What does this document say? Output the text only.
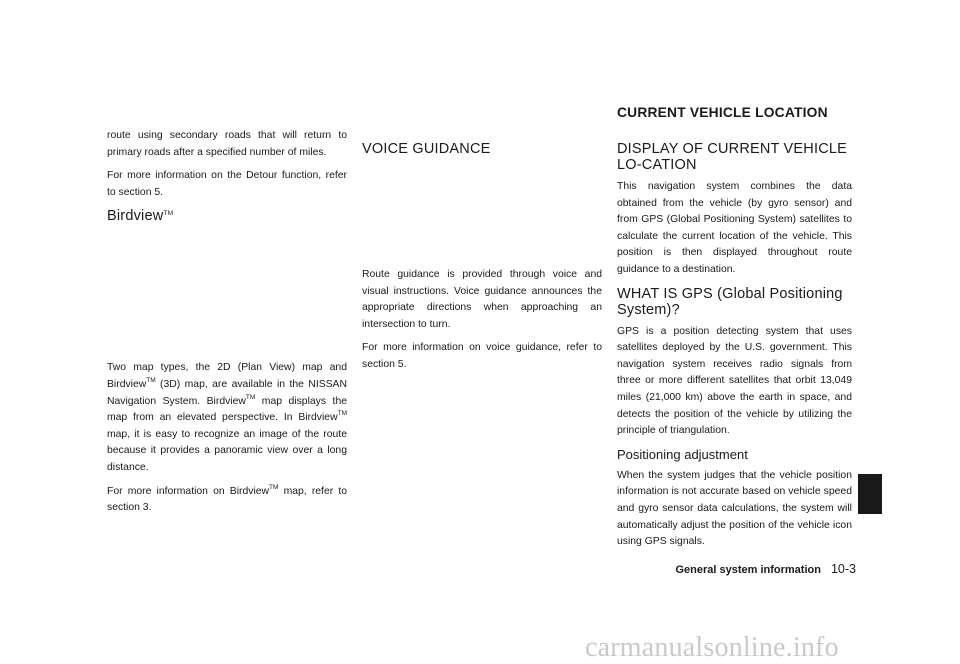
CURRENT VEHICLE LOCATION

route using secondary roads that will return to primary roads after a specified number of miles.

For more information on the Detour function, refer to section 5.

Birdview™

Two map types, the 2D (Plan View) map and Birdview™ (3D) map, are available in the NISSAN Navigation System. Birdview™ map displays the map from an elevated perspective. In Birdview™ map, it is easy to recognize an image of the route because it provides a panoramic view over a long distance.

For more information on Birdview™ map, refer to section 3.

VOICE GUIDANCE

Route guidance is provided through voice and visual instructions. Voice guidance announces the appropriate directions when approaching an intersection to turn.

For more information on voice guidance, refer to section 5.

DISPLAY OF CURRENT VEHICLE LO-CATION

This navigation system combines the data obtained from the vehicle (by gyro sensor) and from GPS (Global Positioning System) satellites to calculate the current location of the vehicle. This position is then displayed throughout route guidance to a destination.

WHAT IS GPS (Global Positioning System)?

GPS is a position detecting system that uses satellites deployed by the U.S. government. This navigation system receives radio signals from three or more different satellites that orbit 13,049 miles (21,000 km) above the earth in space, and detects the position of the vehicle by utilizing the principle of triangulation.

Positioning adjustment

When the system judges that the vehicle position information is not accurate based on vehicle speed and gyro sensor data calculations, the system will automatically adjust the position of the vehicle icon using GPS signals.

General system information 10-3
carmanualsonline.info
